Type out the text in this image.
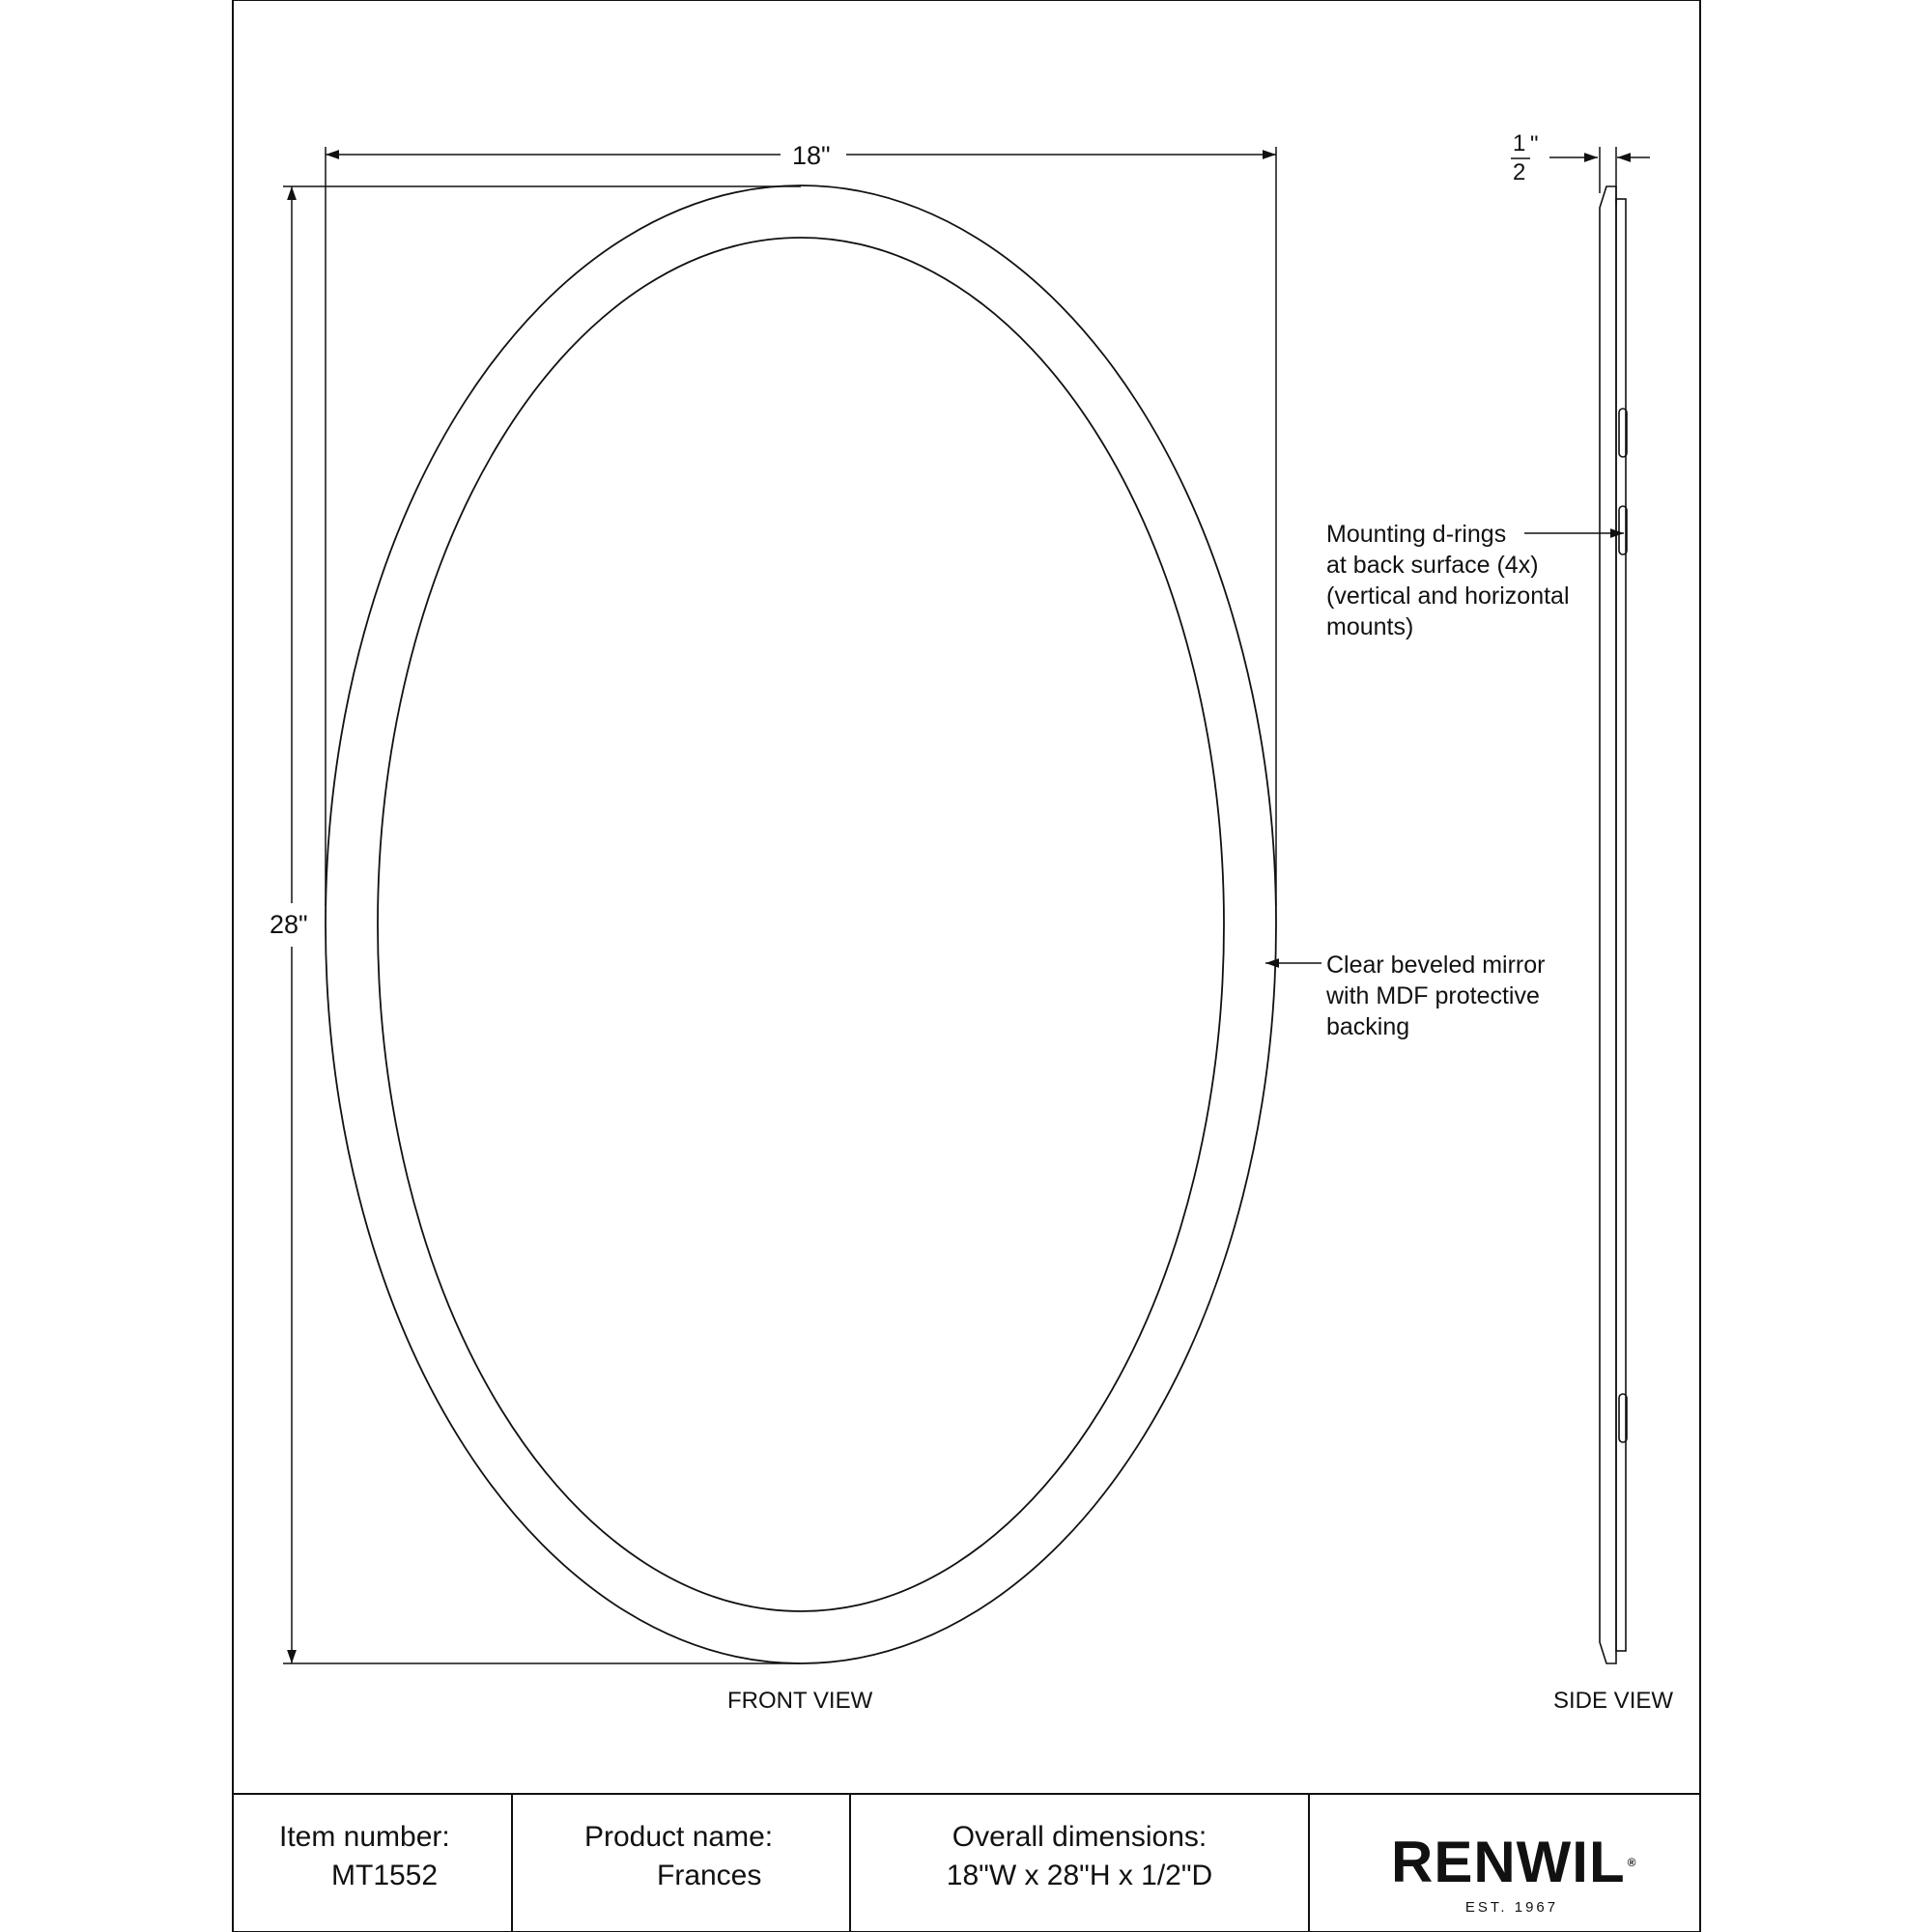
18"
28"
1
2
"
Mounting d-rings
at back surface (4x)
(vertical and horizontal
mounts)
Clear beveled mirror
with MDF protective
backing
FRONT VIEW	SIDE VIEW
Item number:
MT1552
Product name:
Frances
Overall dimensions:
18"W x 28"H x 1/2"D	RENWIL ®
EST. 1967
